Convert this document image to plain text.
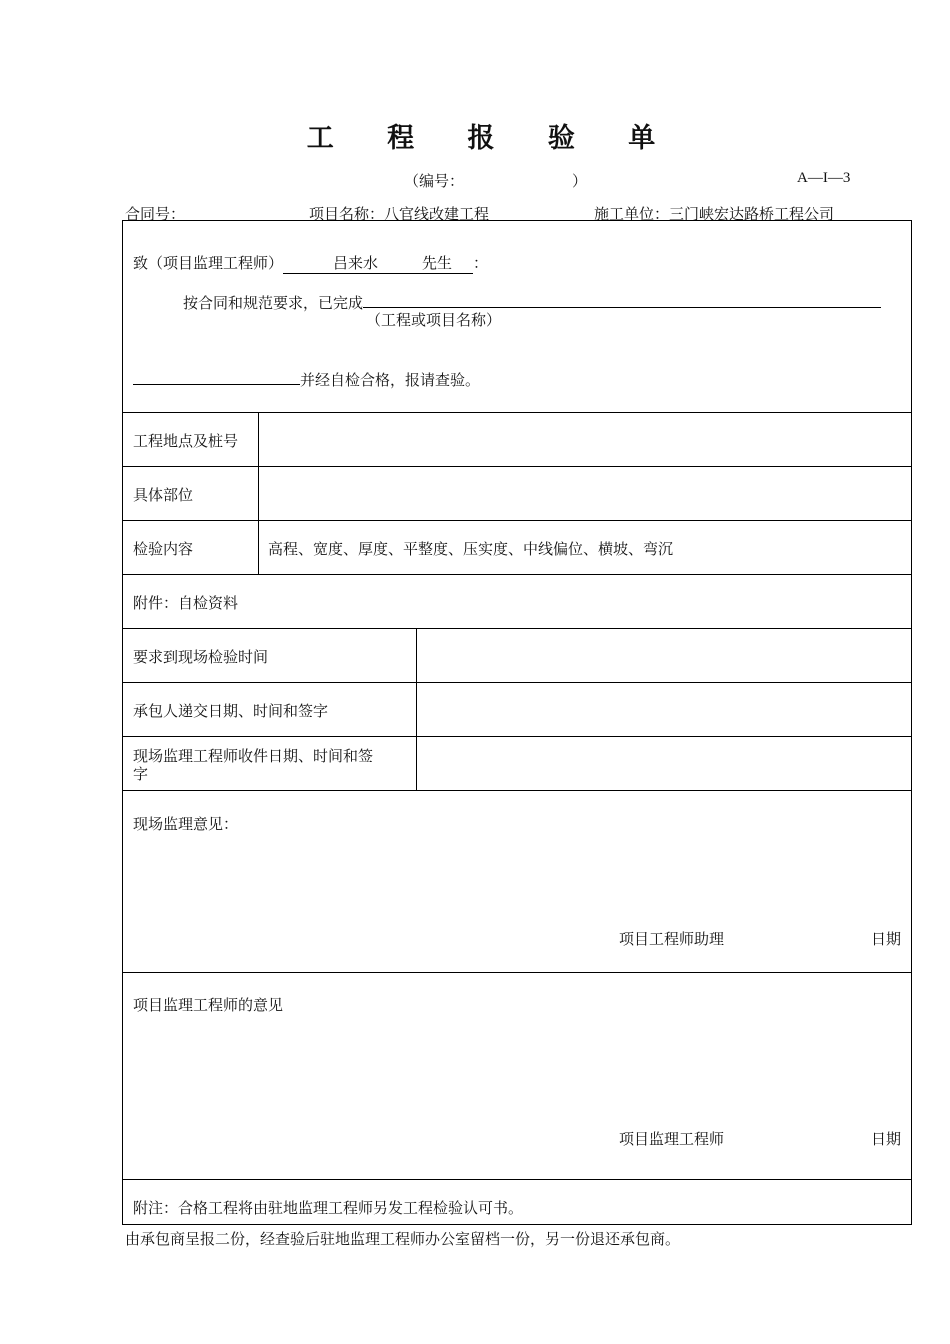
工 程 报 验 单
（编号：	）	A—I—3
合同号：	项目名称：八官线改建工程	施工单位：三门峡宏达路桥工程公司
致（项目监理工程师）	吕来水	先生 ：
按合同和规范要求，已完成
（工程或项目名称）
并经自检合格，报请查验。
工程地点及桩号
具体部位
检验内容	高程、宽度、厚度、平整度、压实度、中线偏位、横坡、弯沉
附件：自检资料
要求到现场检验时间
承包人递交日期、时间和签字
现场监理工程师收件日期、时间和签
字
现场监理意见：
项目工程师助理	日期
项目监理工程师的意见
项目监理工程师	日期
附注：合格工程将由驻地监理工程师另发工程检验认可书。
由承包商呈报二份，经查验后驻地监理工程师办公室留档一份，另一份退还承包商。
